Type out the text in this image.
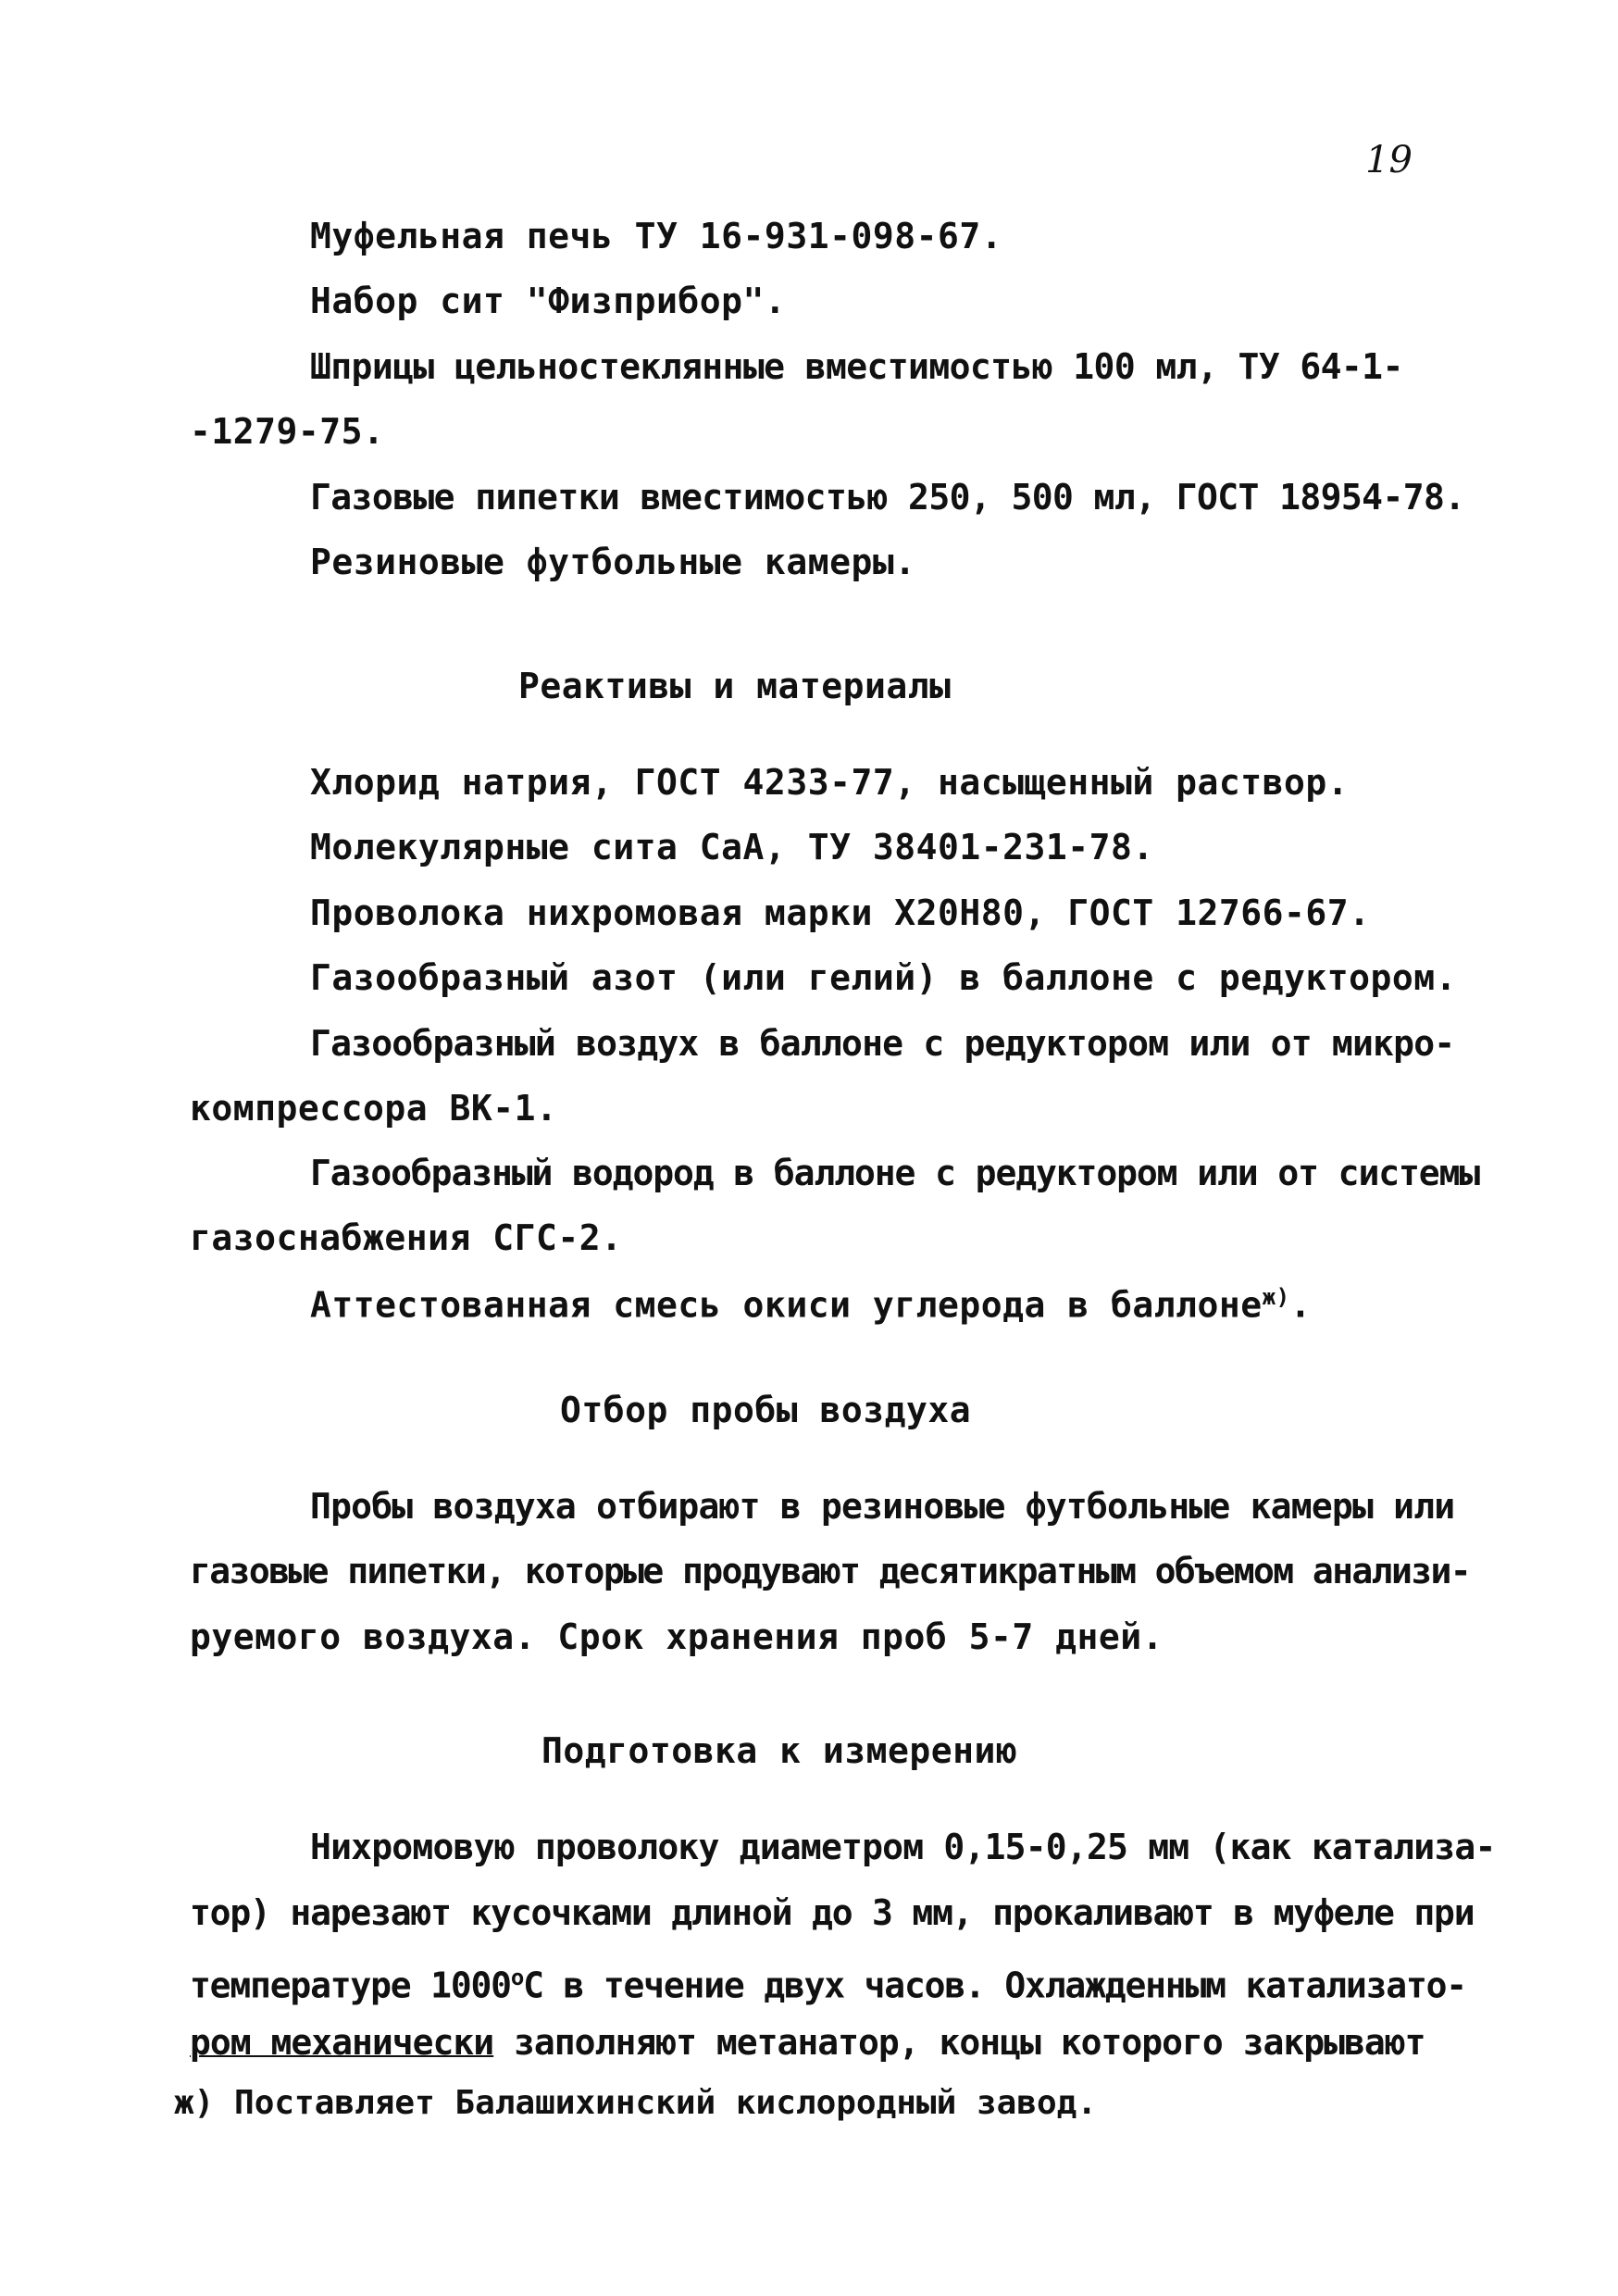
19
Муфельная печь ТУ 16-931-098-67.
Набор сит "Физприбор".
Шприцы цельностеклянные вместимостью 100 мл, ТУ 64-1-
-1279-75.
Газовые пипетки вместимостью 250, 500 мл, ГОСТ 18954-78.
Резиновые футбольные камеры.
Реактивы и материалы
Хлорид натрия, ГОСТ 4233-77, насыщенный раствор.
Молекулярные сита СаА, ТУ 38401-231-78.
Проволока нихромовая марки Х20Н80, ГОСТ 12766-67.
Газообразный азот (или гелий) в баллоне с редуктором.
Газообразный воздух в баллоне с редуктором или от микро-
компрессора ВК-1.
Газообразный водород в баллоне с редуктором или от системы
газоснабжения СГС-2.
Аттестованная смесь окиси углерода в баллоне$^{ж)}$.
Отбор пробы воздуха
Пробы воздуха отбирают в резиновые футбольные камеры или
газовые пипетки, которые продувают десятикратным объемом анализи-
руемого воздуха. Срок хранения проб 5-7 дней.
Подготовка к измерению
Нихромовую проволоку диаметром 0,15-0,25 мм (как катализа-
тор) нарезают кусочками длиной до 3 мм, прокаливают в муфеле при
температуре $1000^оС$ в течение двух часов. Охлажденным катализато-
ром механически заполняют метанатор, концы которого закрывают
ж) Поставляет Балашихинский кислородный завод.
